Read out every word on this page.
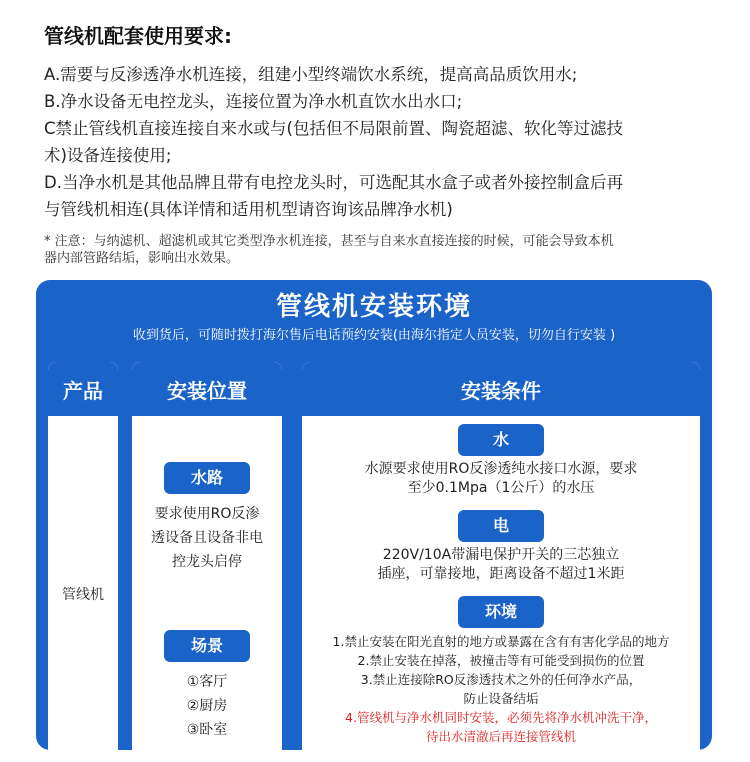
管线机配套使用要求:
A.需要与反渗透净水机连接，组建小型终端饮水系统，提高高品质饮用水;
B.净水设备无电控龙头，连接位置为净水机直饮水出水口;
C禁止管线机直接连接自来水或与(包括但不局限前置、陶瓷超滤、软化等过滤技
术)设备连接使用;
D.当净水机是其他品牌且带有电控龙头时，可选配其水盒子或者外接控制盒后再
与管线机相连(具体详情和适用机型请咨询该品牌净水机)
* 注意：与纳滤机、超滤机或其它类型净水机连接，甚至与自来水直接连接的时候，可能会导致本机
器内部管路结垢，影响出水效果。
管线机安装环境
收到货后，可随时拨打海尔售后电话预约安装(由海尔指定人员安装，切勿自行安装 )
产品
管线机
安装位置
水路
要求使用RO反渗
透设备且设备非电
控龙头启停
场景
①客厅
②厨房
③卧室
安装条件
水
水源要求使用RO反渗透纯水接口水源，要求
至少0.1Mpa（1公斤）的水压
电
220V/10A带漏电保护开关的三芯独立
插座，可靠接地，距离设备不超过1米距
环境
1.禁止安装在阳光直射的地方或暴露在含有有害化学品的地方
2.禁止安装在掉落，被撞击等有可能受到损伤的位置
3.禁止连接除RO反渗透技术之外的任何净水产品，
防止设备结垢
4.管线机与净水机同时安装，必须先将净水机冲洗干净，
待出水清澈后再连接管线机
